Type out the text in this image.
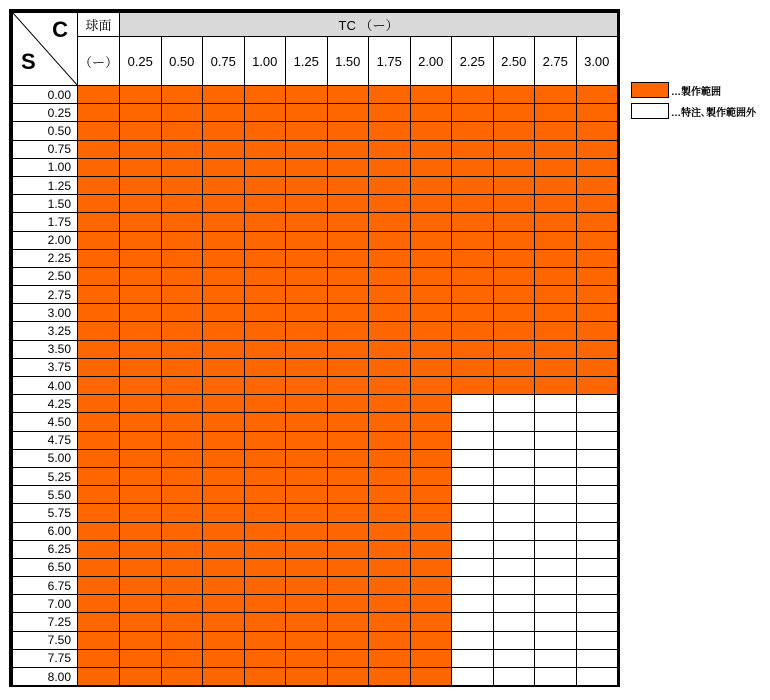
C
S	球面	TC （ー）											
	（ー）	0.25	0.50	0.75	1.00	1.25	1.50	1.75	2.00	2.25	2.50	2.75	3.00
0.00													
0.25													
0.50													
0.75													
1.00													
1.25													
1.50													
1.75													
2.00													
2.25													
2.50													
2.75													
3.00													
3.25													
3.50													
3.75													
4.00													
4.25													
4.50													
4.75													
5.00													
5.25													
5.50													
5.75													
6.00													
6.25													
6.50													
6.75													
7.00													
7.25													
7.50													
7.75													
8.00													
…製作範囲
…特注､製作範囲外
